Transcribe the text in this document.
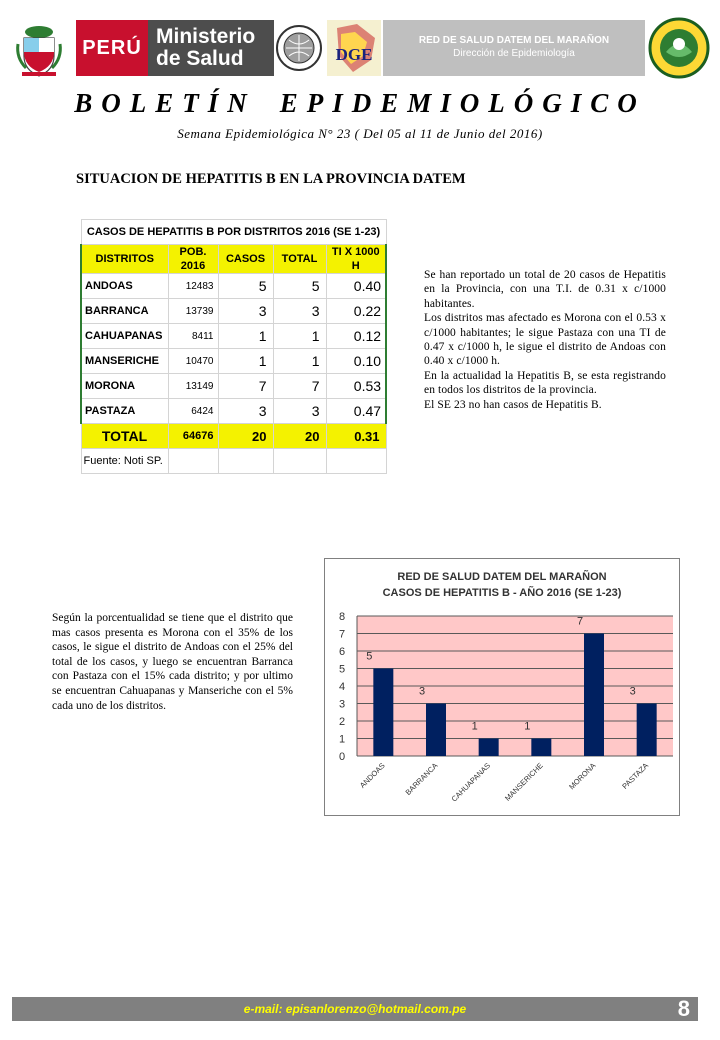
PERÚ Ministerio
de Salud	DGE
RED DE SALUD DATEM DEL MARAÑON
Dirección de Epidemiología
BOLETÍN EPIDEMIOLÓGICO
Semana Epidemiológica N° 23 ( Del 05 al 11 de Junio del 2016)
SITUACION DE HEPATITIS B EN LA PROVINCIA DATEM
CASOS DE HEPATITIS B POR DISTRITOS 2016 (SE 1-23)				
DISTRITOS	POB. 2016	CASOS	TOTAL	TI X 1000 H
ANDOAS	12483	5	5	0.40
BARRANCA	13739	3	3	0.22
CAHUAPANAS	8411	1	1	0.12
MANSERICHE	10470	1	1	0.10
MORONA	13149	7	7	0.53
PASTAZA	6424	3	3	0.47
TOTAL	64676	20	20	0.31
Fuente: Noti SP.				

Se han reportado un total de 20 casos de Hepatitis en la Provincia, con una T.I. de 0.31 x c/1000 habitantes.

Los distritos mas afectado es Morona con el 0.53 x c/1000 habitantes; le sigue Pastaza con una TI de 0.47 x c/1000 h, le sigue el distrito de Andoas con 0.40 x c/1000 h.

En la actualidad la Hepatitis B, se esta registrando en todos los distritos de la provincia.

El SE 23 no han casos de Hepatitis B.

Según la porcentualidad se tiene que el distrito que mas casos presenta es Morona con el 35% de los casos, le sigue el distrito de Andoas con el 25% del total de los casos, y luego se encuentran Barranca con Pastaza con el 15% cada distrito; y por ultimo se encuentran Cahuapanas y Manseriche con el 5% cada uno de los distritos.
RED DE SALUD DATEM DEL MARAÑON
CASOS DE HEPATITIS B - AÑO 2016 (SE 1-23)
0
1
2
3
4
5
6
7
8
5
ANDOAS
3
BARRANCA
1
CAHUAPANAS
1
MANSERICHE
7
MORONA
3
PASTAZA
e-mail: episanlorenzo@hotmail.com.pe	8
